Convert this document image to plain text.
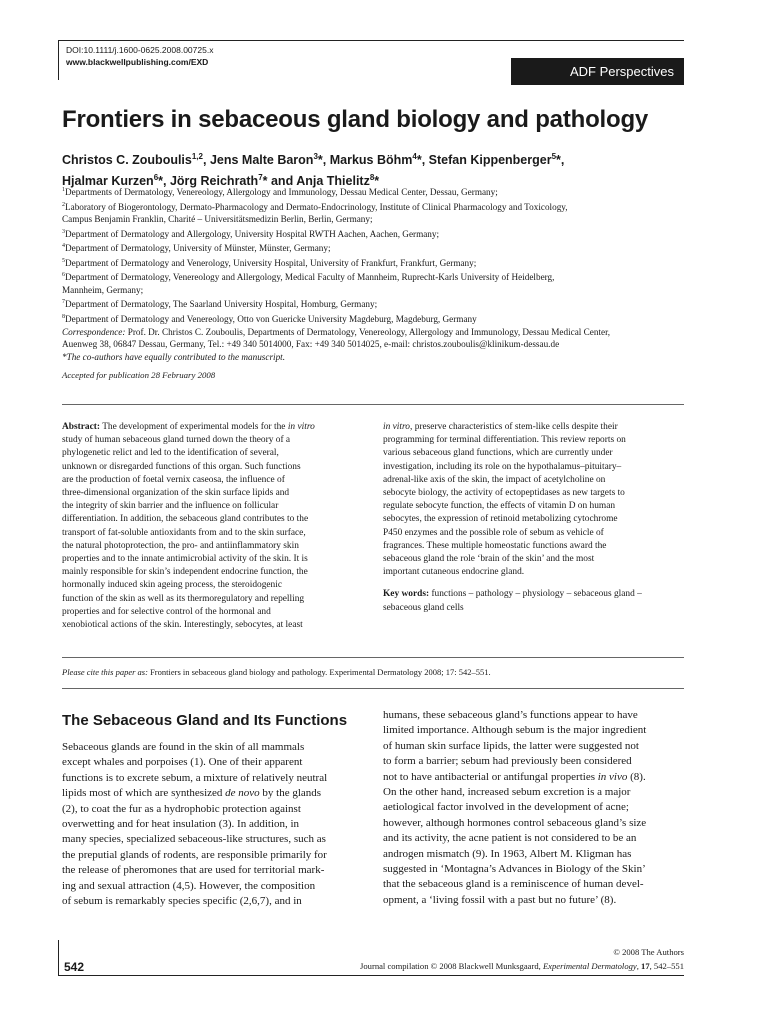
DOI:10.1111/j.1600-0625.2008.00725.x
www.blackwellpublishing.com/EXD
ADF Perspectives
Frontiers in sebaceous gland biology and pathology
Christos C. Zouboulis$^{1,2}$, Jens Malte Baron$^3$*, Markus Böhm$^4$*, Stefan Kippenberger$^5$*,
Hjalmar Kurzen$^6$*, Jörg Reichrath$^7$* and Anja Thielitz$^8$*
$^1$Departments of Dermatology, Venereology, Allergology and Immunology, Dessau Medical Center, Dessau, Germany;
$^2$Laboratory of Biogerontology, Dermato-Pharmacology and Dermato-Endocrinology, Institute of Clinical Pharmacology and Toxicology,
Campus Benjamin Franklin, Charité – Universitätsmedizin Berlin, Berlin, Germany;
$^3$Department of Dermatology and Allergology, University Hospital RWTH Aachen, Aachen, Germany;
$^4$Department of Dermatology, University of Münster, Münster, Germany;
$^5$Department of Dermatology and Venerology, University Hospital, University of Frankfurt, Frankfurt, Germany;
$^6$Department of Dermatology, Venereology and Allergology, Medical Faculty of Mannheim, Ruprecht-Karls University of Heidelberg,
Mannheim, Germany;
$^7$Department of Dermatology, The Saarland University Hospital, Homburg, Germany;
$^8$Department of Dermatology and Venereology, Otto von Guericke University Magdeburg, Magdeburg, Germany
Correspondence: Prof. Dr. Christos C. Zouboulis, Departments of Dermatology, Venereology, Allergology and Immunology, Dessau Medical Center,
Auenweg 38, 06847 Dessau, Germany, Tel.: +49 340 5014000, Fax: +49 340 5014025, e-mail: christos.zouboulis@klinikum-dessau.de
*The co-authors have equally contributed to the manuscript.
Accepted for publication 28 February 2008
Abstract: The development of experimental models for the in vitro
study of human sebaceous gland turned down the theory of a
phylogenetic relict and led to the identification of several,
unknown or disregarded functions of this organ. Such functions
are the production of foetal vernix caseosa, the influence of
three-dimensional organization of the skin surface lipids and
the integrity of skin barrier and the influence on follicular
differentiation. In addition, the sebaceous gland contributes to the
transport of fat-soluble antioxidants from and to the skin surface,
the natural photoprotection, the pro- and antiinflammatory skin
properties and to the innate antimicrobial activity of the skin. It is
mainly responsible for skin’s independent endocrine function, the
hormonally induced skin ageing process, the steroidogenic
function of the skin as well as its thermoregulatory and repelling
properties and for selective control of the hormonal and
xenobiotical actions of the skin. Interestingly, sebocytes, at least
in vitro, preserve characteristics of stem-like cells despite their
programming for terminal differentiation. This review reports on
various sebaceous gland functions, which are currently under
investigation, including its role on the hypothalamus–pituitary–
adrenal-like axis of the skin, the impact of acetylcholine on
sebocyte biology, the activity of ectopeptidases as new targets to
regulate sebocyte function, the effects of vitamin D on human
sebocytes, the expression of retinoid metabolizing cytochrome
P450 enzymes and the possible role of sebum as vehicle of
fragrances. These multiple homeostatic functions award the
sebaceous gland the role ‘brain of the skin’ and the most
important cutaneous endocrine gland.
Key words: functions – pathology – physiology – sebaceous gland –
sebaceous gland cells
Please cite this paper as: Frontiers in sebaceous gland biology and pathology. Experimental Dermatology 2008; 17: 542–551.
The Sebaceous Gland and Its Functions
Sebaceous glands are found in the skin of all mammals
except whales and porpoises (1). One of their apparent
functions is to excrete sebum, a mixture of relatively neutral
lipids most of which are synthesized de novo by the glands
(2), to coat the fur as a hydrophobic protection against
overwetting and for heat insulation (3). In addition, in
many species, specialized sebaceous-like structures, such as
the preputial glands of rodents, are responsible primarily for
the release of pheromones that are used for territorial mark-
ing and sexual attraction (4,5). However, the composition
of sebum is remarkably species specific (2,6,7), and in
humans, these sebaceous gland’s functions appear to have
limited importance. Although sebum is the major ingredient
of human skin surface lipids, the latter were suggested not
to form a barrier; sebum had previously been considered
not to have antibacterial or antifungal properties in vivo (8).
On the other hand, increased sebum excretion is a major
aetiological factor involved in the development of acne;
however, although hormones control sebaceous gland’s size
and its activity, the acne patient is not considered to be an
androgen mismatch (9). In 1963, Albert M. Kligman has
suggested in ‘Montagna’s Advances in Biology of the Skin’
that the sebaceous gland is a reminiscence of human devel-
opment, a ‘living fossil with a past but no future’ (8).
542
© 2008 The Authors
Journal compilation © 2008 Blackwell Munksgaard, Experimental Dermatology, 17, 542–551
